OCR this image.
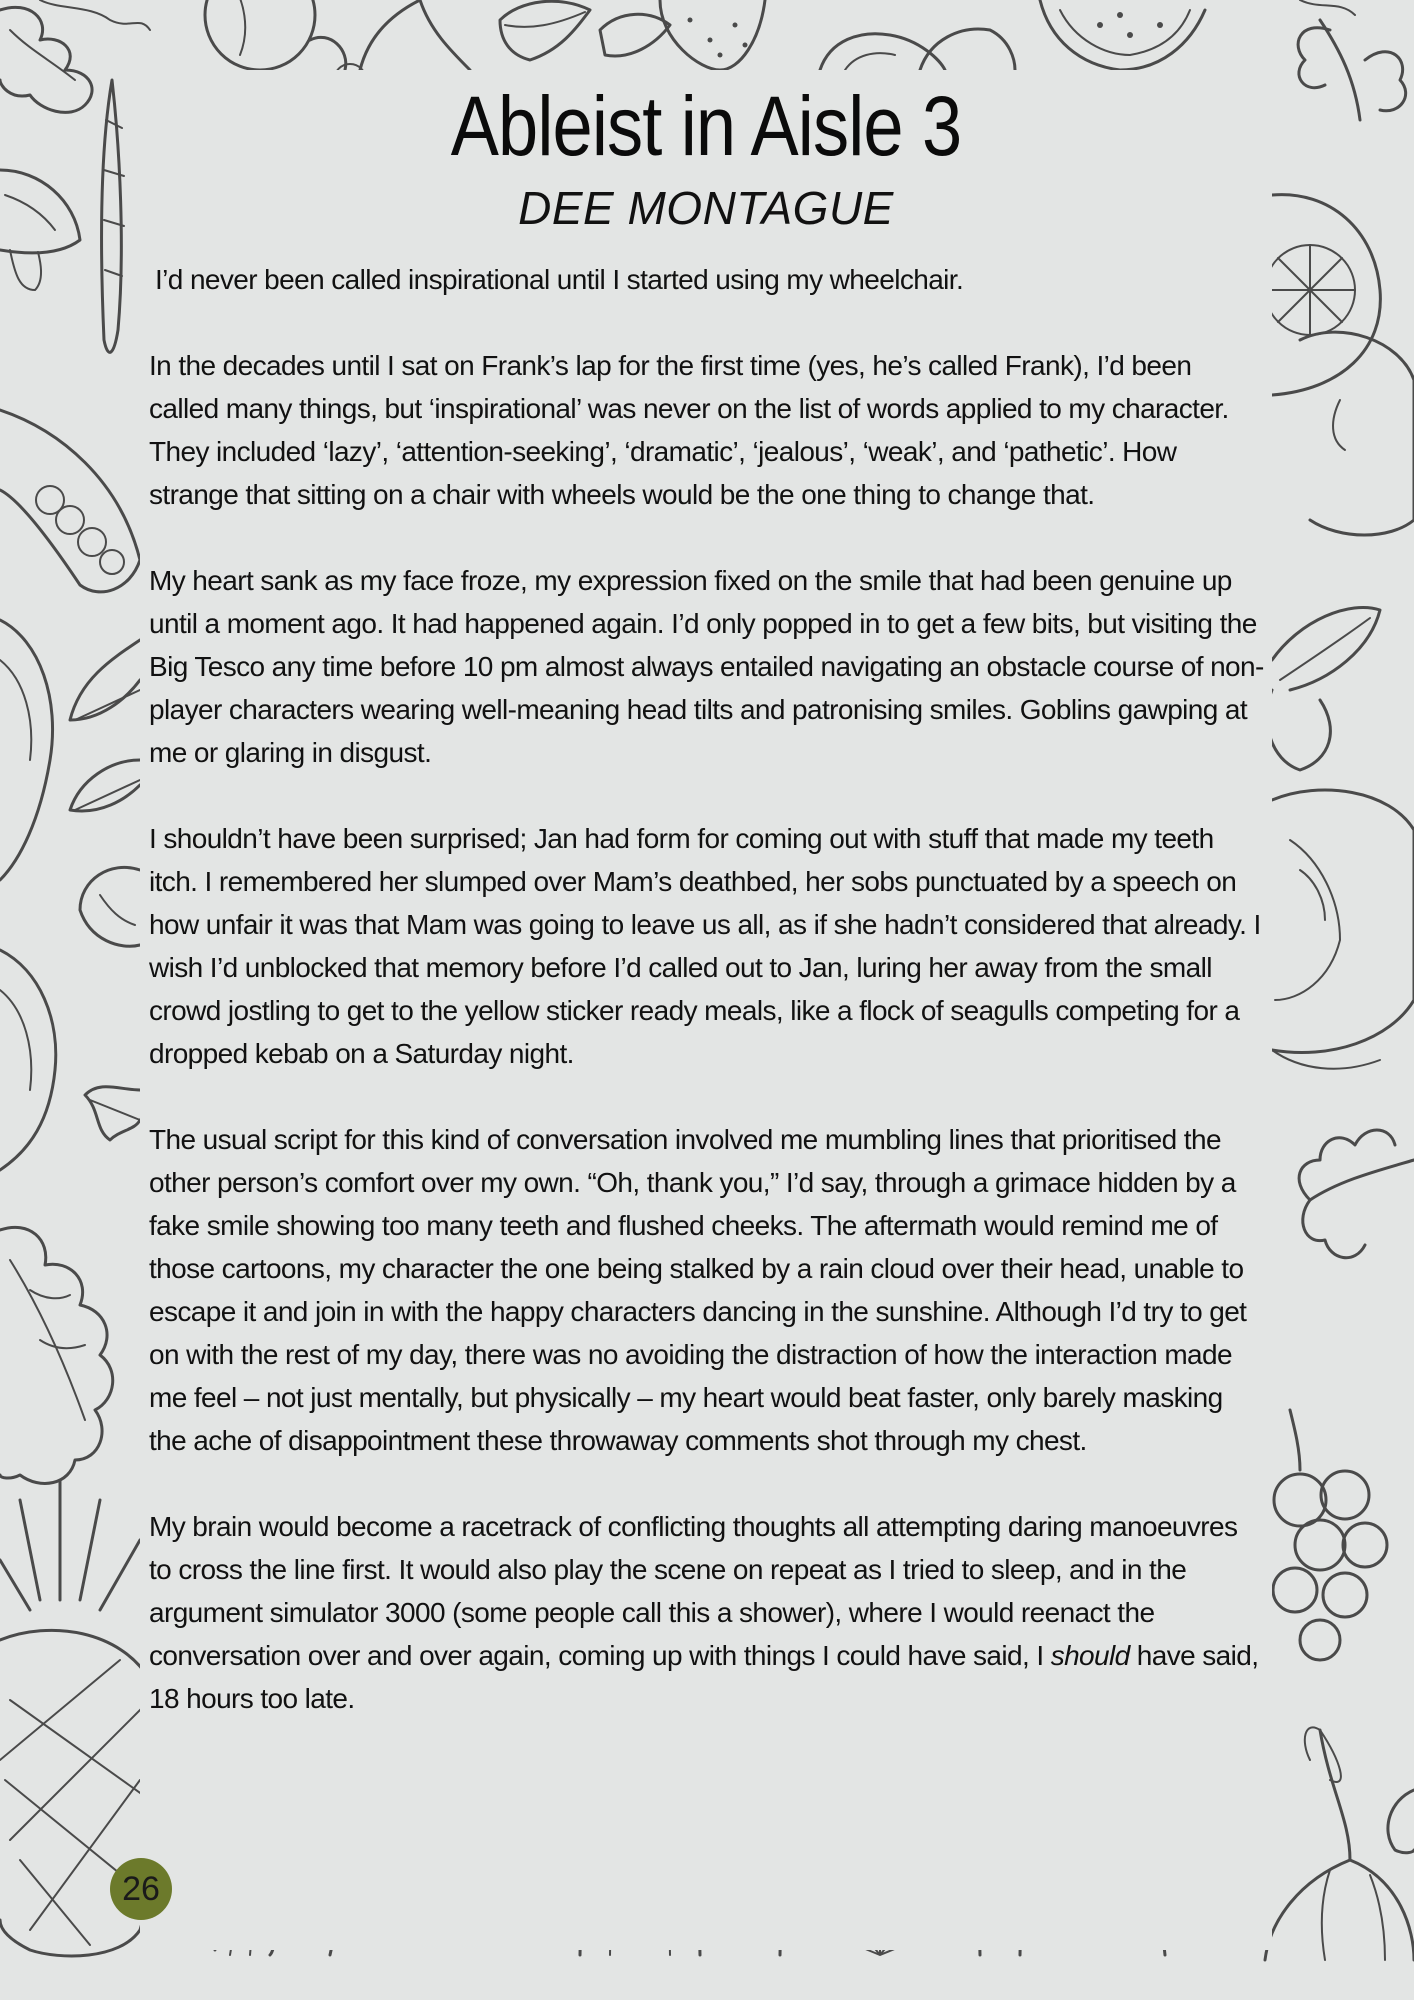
Ableist in Aisle 3
DEE MONTAGUE

I’d never been called inspirational until I started using my wheelchair.

In the decades until I sat on Frank’s lap for the first time (yes, he’s called Frank), I’d been called many things, but ‘inspirational’ was never on the list of words applied to my character. They included ‘lazy’, ‘attention-seeking’, ‘dramatic’, ‘jealous’, ‘weak’, and ‘pathetic’. How strange that sitting on a chair with wheels would be the one thing to change that.

My heart sank as my face froze, my expression fixed on the smile that had been genuine up until a moment ago. It had happened again. I’d only popped in to get a few bits, but visiting the Big Tesco any time before 10 pm almost always entailed navigating an obstacle course of non-player characters wearing well-meaning head tilts and patronising smiles. Goblins gawping at me or glaring in disgust.

I shouldn’t have been surprised; Jan had form for coming out with stuff that made my teeth itch. I remembered her slumped over Mam’s deathbed, her sobs punctuated by a speech on how unfair it was that Mam was going to leave us all, as if she hadn’t considered that already. I wish I’d unblocked that memory before I’d called out to Jan, luring her away from the small crowd jostling to get to the yellow sticker ready meals, like a flock of seagulls competing for a dropped kebab on a Saturday night.

The usual script for this kind of conversation involved me mumbling lines that prioritised the other person’s comfort over my own. “Oh, thank you,” I’d say, through a grimace hidden by a fake smile showing too many teeth and flushed cheeks. The aftermath would remind me of those cartoons, my character the one being stalked by a rain cloud over their head, unable to escape it and join in with the happy characters dancing in the sunshine. Although I’d try to get on with the rest of my day, there was no avoiding the distraction of how the interaction made me feel – not just mentally, but physically – my heart would beat faster, only barely masking the ache of disappointment these throwaway comments shot through my chest.

My brain would become a racetrack of conflicting thoughts all attempting daring manoeuvres to cross the line first. It would also play the scene on repeat as I tried to sleep, and in the argument simulator 3000 (some people call this a shower), where I would reenact the conversation over and over again, coming up with things I could have said, I should have said, 18 hours too late.

26
